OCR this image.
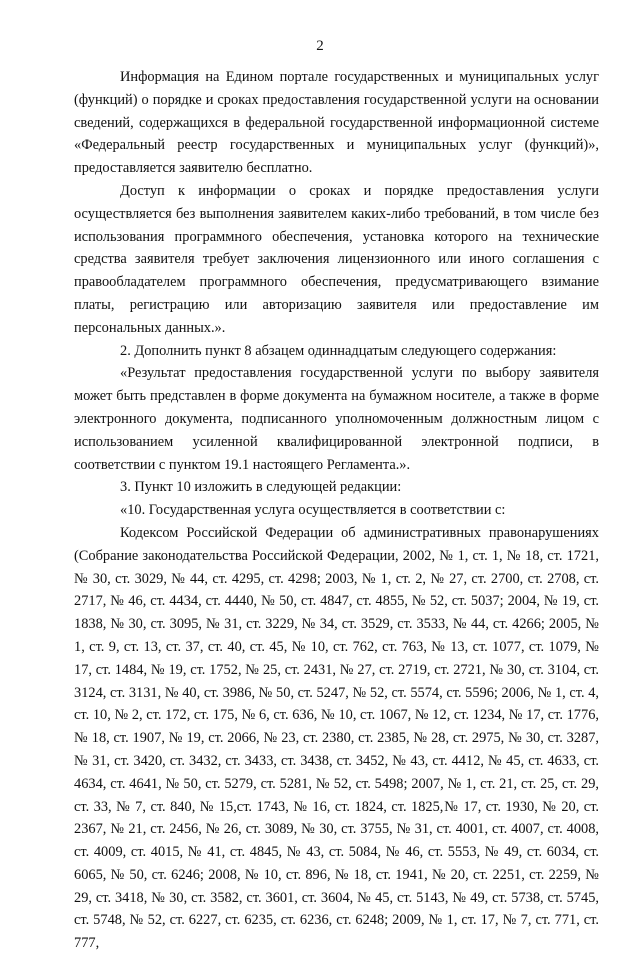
2

Информация на Едином портале государственных и муниципальных услуг (функций) о порядке и сроках предоставления государственной услуги на основании сведений, содержащихся в федеральной государственной информационной системе «Федеральный реестр государственных и муниципальных услуг (функций)», предоставляется заявителю бесплатно.

Доступ к информации о сроках и порядке предоставления услуги осуществляется без выполнения заявителем каких-либо требований, в том числе без использования программного обеспечения, установка которого на технические средства заявителя требует заключения лицензионного или иного соглашения с правообладателем программного обеспечения, предусматривающего взимание платы, регистрацию или авторизацию заявителя или предоставление им персональных данных.».

2. Дополнить пункт 8 абзацем одиннадцатым следующего содержания:

«Результат предоставления государственной услуги по выбору заявителя может быть представлен в форме документа на бумажном носителе, а также в форме электронного документа, подписанного уполномоченным должностным лицом с использованием усиленной квалифицированной электронной подписи, в соответствии с пунктом 19.1 настоящего Регламента.».

3. Пункт 10 изложить в следующей редакции:

«10. Государственная услуга осуществляется в соответствии с:

Кодексом Российской Федерации об административных правонарушениях (Собрание законодательства Российской Федерации, 2002, № 1, ст. 1, № 18, ст. 1721, № 30, ст. 3029, № 44, ст. 4295, ст. 4298; 2003, № 1, ст. 2, № 27, ст. 2700, ст. 2708, ст. 2717, № 46, ст. 4434, ст. 4440, № 50, ст. 4847, ст. 4855, № 52, ст. 5037; 2004, № 19, ст. 1838, № 30, ст. 3095, № 31, ст. 3229, № 34, ст. 3529, ст. 3533, № 44, ст. 4266; 2005, № 1, ст. 9, ст. 13, ст. 37, ст. 40, ст. 45, № 10, ст. 762, ст. 763, № 13, ст. 1077, ст. 1079, № 17, ст. 1484, № 19, ст. 1752, № 25, ст. 2431, № 27, ст. 2719, ст. 2721, № 30, ст. 3104, ст. 3124, ст. 3131, № 40, ст. 3986, № 50, ст. 5247, № 52, ст. 5574, ст. 5596; 2006, № 1, ст. 4, ст. 10, № 2, ст. 172, ст. 175, № 6, ст. 636, № 10, ст. 1067, № 12, ст. 1234, № 17, ст. 1776, № 18, ст. 1907, № 19, ст. 2066, № 23, ст. 2380, ст. 2385, № 28, ст. 2975, № 30, ст. 3287, № 31, ст. 3420, ст. 3432, ст. 3433, ст. 3438, ст. 3452, № 43, ст. 4412, № 45, ст. 4633, ст. 4634, ст. 4641, № 50, ст. 5279, ст. 5281, № 52, ст. 5498; 2007, № 1, ст. 21, ст. 25, ст. 29, ст. 33, № 7, ст. 840, № 15,ст. 1743, № 16, ст. 1824, ст. 1825,№ 17, ст. 1930, № 20, ст. 2367, № 21, ст. 2456, № 26, ст. 3089, № 30, ст. 3755, № 31, ст. 4001, ст. 4007, ст. 4008, ст. 4009, ст. 4015, № 41, ст. 4845, № 43, ст. 5084, № 46, ст. 5553, № 49, ст. 6034, ст. 6065, № 50, ст. 6246; 2008, № 10, ст. 896, № 18, ст. 1941, № 20, ст. 2251, ст. 2259, № 29, ст. 3418, № 30, ст. 3582, ст. 3601, ст. 3604, № 45, ст. 5143, № 49, ст. 5738, ст. 5745, ст. 5748, № 52, ст. 6227, ст. 6235, ст. 6236, ст. 6248; 2009, № 1, ст. 17, № 7, ст. 771, ст. 777,
